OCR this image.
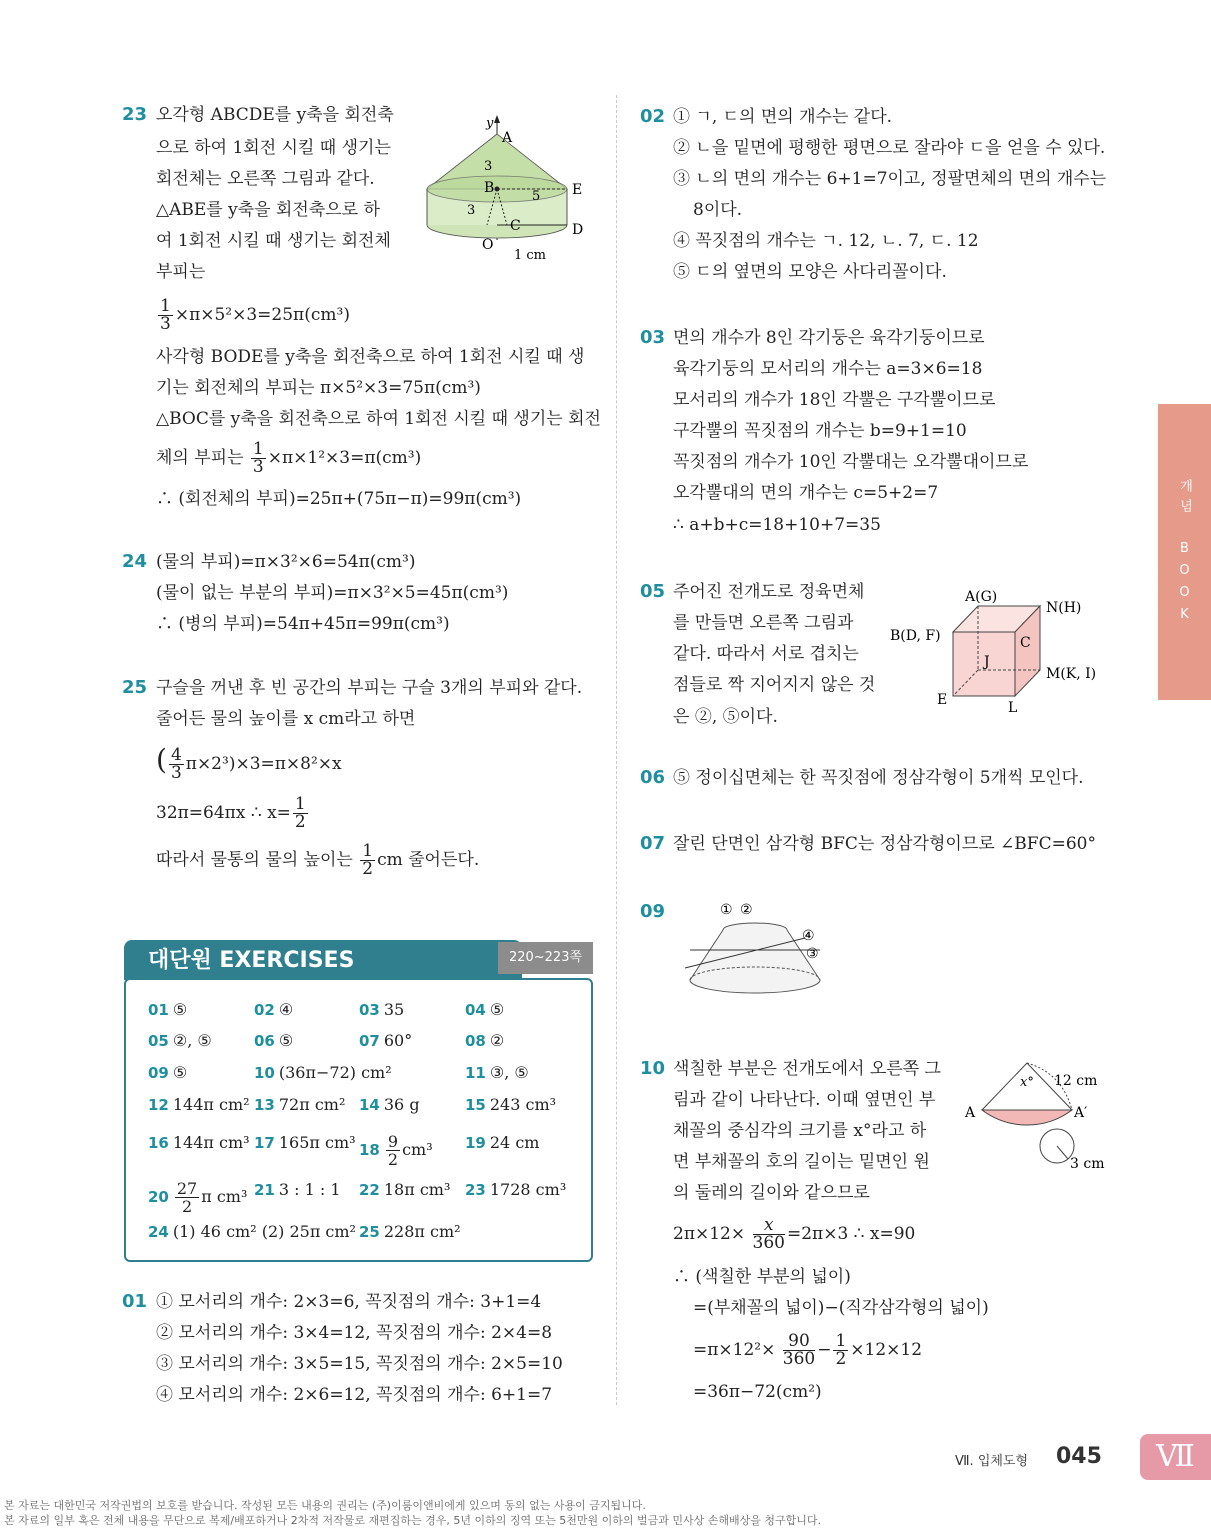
23 오각형 ABCDE를 y축을 회전축
으로 하여 1회전 시킬 때 생기는
회전체는 오른쪽 그림과 같다.
△ABE를 y축을 회전축으로 하
여 1회전 시킬 때 생기는 회전체
부피는
y
A
B
C	D
E
O
3
3
5
1 cm
$\frac{1}{3} \times\pi\times 5^2\times 3=25\pi(cm^3)$
사각형 BODE를 y축을 회전축으로 하여 1회전 시킬 때 생
기는 회전체의 부피는 π×5²×3=75π(cm³)
△BOC를 y축을 회전축으로 하여 1회전 시킬 때 생기는 회전
체의 부피는 $\frac{1}{3} \times\pi\times 1^2\times 3=\pi(cm^3)$
∴ (회전체의 부피)=25π+(75π−π)=99π(cm³)
24 (물의 부피)=π×3²×6=54π(cm³)
(물이 없는 부분의 부피)=π×3²×5=45π(cm³)
∴ (병의 부피)=54π+45π=99π(cm³)
25 구슬을 꺼낸 후 빈 공간의 부피는 구슬 3개의 부피와 같다.
줄어든 물의 높이를 x cm라고 하면
( $\frac{4}{3} \pi\times 2^3)\times 3=\pi\times 8^2\times x$
32π=64πx ∴ $x= \frac{1}{2}$
따라서 물통의 물의 높이는 $\frac{1}{2}$ cm 줄어든다.
01 ① 모서리의 개수: 2×3=6, 꼭짓점의 개수: 3+1=4
② 모서리의 개수: 3×4=12, 꼭짓점의 개수: 2×4=8
③ 모서리의 개수: 3×5=15, 꼭짓점의 개수: 2×5=10
④ 모서리의 개수: 2×6=12, 꼭짓점의 개수: 6+1=7
대단원 EXERCISES	220~223쪽
01 ⑤	02 ④	03 35	04 ⑤
05 ②, ⑤	06 ⑤	07 60°	08 ②
09 ⑤	10 (36π−72) cm²	11 ③, ⑤
12 144π cm² 13 72π cm² 14 36 g	15 243 cm³
16 144π cm³ 17 165π cm³ $18 \frac{9}{2} cm^3$ 19 24 cm
$20 \frac{27}{2}$ π cm³ 21 3 : 1 : 1 22 18π cm³ 23 1728 cm³
24 (1) 46 cm² (2) 25π cm² 25 228π cm²
02 ① ㄱ, ㄷ의 면의 개수는 같다.
② ㄴ을 밑면에 평행한 평면으로 잘라야 ㄷ을 얻을 수 있다.
③ ㄴ의 면의 개수는 6+1=7이고, 정팔면체의 면의 개수는
8이다.
④ 꼭짓점의 개수는 ㄱ. 12, ㄴ. 7, ㄷ. 12
⑤ ㄷ의 옆면의 모양은 사다리꼴이다.
03 면의 개수가 8인 각기둥은 육각기둥이므로
육각기둥의 모서리의 개수는 a=3×6=18
모서리의 개수가 18인 각뿔은 구각뿔이므로
구각뿔의 꼭짓점의 개수는 b=9+1=10
꼭짓점의 개수가 10인 각뿔대는 오각뿔대이므로
오각뿔대의 면의 개수는 c=5+2=7
∴ a+b+c=18+10+7=35
05 주어진 전개도로 정육면체
를 만들면 오른쪽 그림과
같다. 따라서 서로 겹치는
점들로 짝 지어지지 않은 것
은 ②, ⑤이다.
A(G)
N(H)
B(D, F)	C
J
M(K, I)
E	L
06 ⑤ 정이십면체는 한 꼭짓점에 정삼각형이 5개씩 모인다.
07 잘린 단면인 삼각형 BFC는 정삼각형이므로 ∠BFC=60°
09	① ②
④
③
10 색칠한 부분은 전개도에서 오른쪽 그
림과 같이 나타난다. 이때 옆면인 부
채꼴의 중심각의 크기를 x°라고 하
면 부채꼴의 호의 길이는 밑면인 원
의 둘레의 길이와 같으므로
x° 12 cm
A	A′
3 cm
$2\pi\times 12\times \frac{x}{360} =2\pi\times 3$ ∴ x=90
∴ (색칠한 부분의 넓이)
=(부채꼴의 넓이)−(직각삼각형의 넓이)
$=\pi\times 12^2\times \frac{90}{360} - \frac{1}{2} \times 12\times 12$
=36π−72(cm²)
개념 BOOK
Ⅶ. 입체도형 045	Ⅶ
본 자료는 대한민국 저작권법의 보호를 받습니다. 작성된 모든 내용의 권리는 (주)이룸이앤비에게 있으며 동의 없는 사용이 금지됩니다.
본 자료의 일부 혹은 전체 내용을 무단으로 복제/배포하거나 2차적 저작물로 재편집하는 경우, 5년 이하의 징역 또는 5천만원 이하의 벌금과 민사상 손해배상을 청구합니다.
